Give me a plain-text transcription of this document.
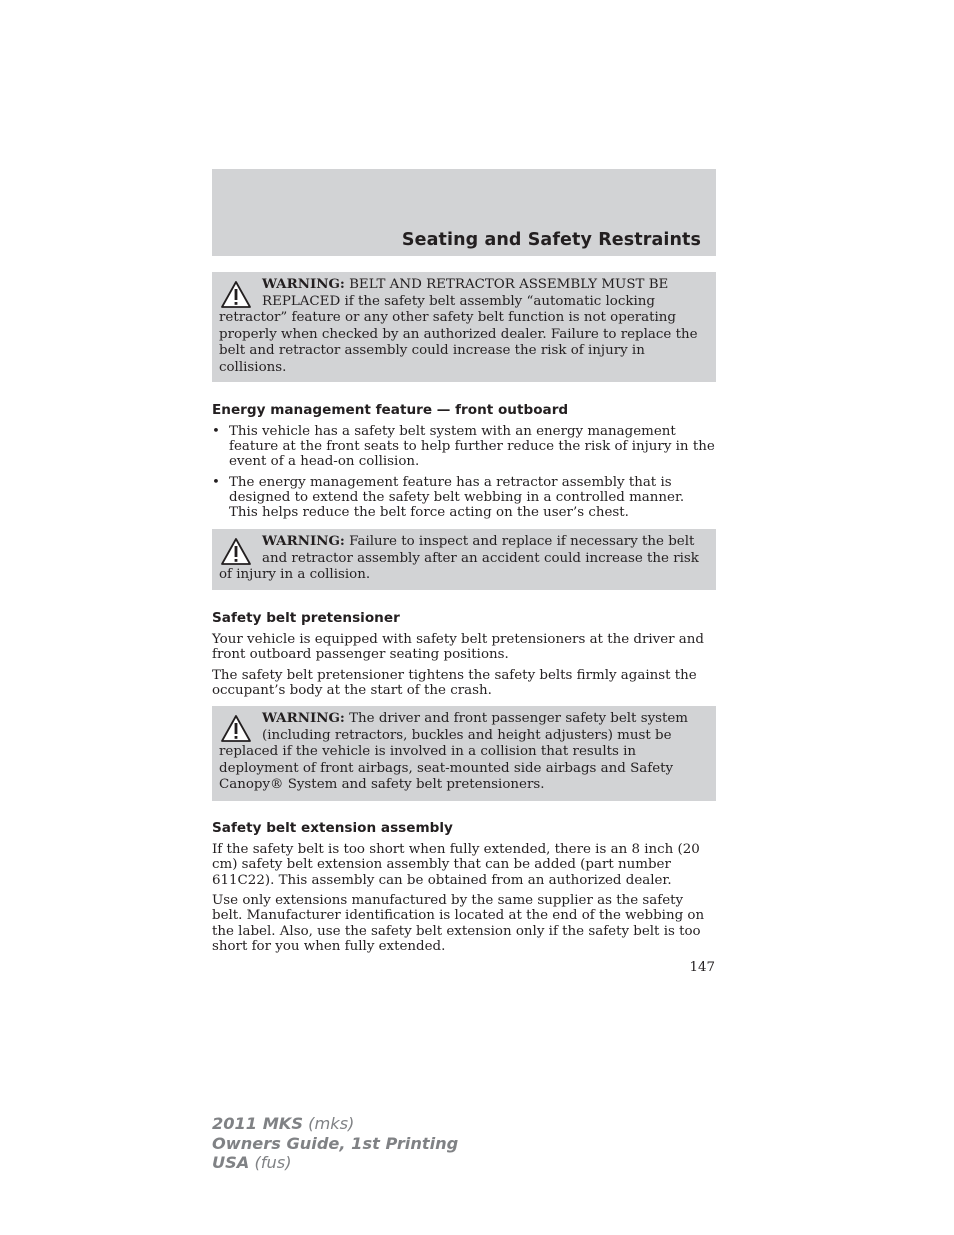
Seating and Safety Restraints
WARNING: BELT AND RETRACTOR ASSEMBLY MUST BE REPLACED if the safety belt assembly “automatic locking retractor” feature or any other safety belt function is not operating properly when checked by an authorized dealer. Failure to replace the belt and retractor assembly could increase the risk of injury in collisions.
Energy management feature — front outboard
• This vehicle has a safety belt system with an energy management feature at the front seats to help further reduce the risk of injury in the event of a head-on collision.
• The energy management feature has a retractor assembly that is designed to extend the safety belt webbing in a controlled manner. This helps reduce the belt force acting on the user’s chest.
WARNING: Failure to inspect and replace if necessary the belt and retractor assembly after an accident could increase the risk of injury in a collision.
Safety belt pretensioner

Your vehicle is equipped with safety belt pretensioners at the driver and front outboard passenger seating positions.

The safety belt pretensioner tightens the safety belts firmly against the occupant’s body at the start of the crash.

WARNING: The driver and front passenger safety belt system (including retractors, buckles and height adjusters) must be replaced if the vehicle is involved in a collision that results in deployment of front airbags, seat-mounted side airbags and Safety Canopy® System and safety belt pretensioners.
Safety belt extension assembly

If the safety belt is too short when fully extended, there is an 8 inch (20 cm) safety belt extension assembly that can be added (part number 611C22). This assembly can be obtained from an authorized dealer.

Use only extensions manufactured by the same supplier as the safety belt. Manufacturer identification is located at the end of the webbing on the label. Also, use the safety belt extension only if the safety belt is too short for you when fully extended.

147
2011 MKS (mks)
Owners Guide, 1st Printing
USA (fus)
